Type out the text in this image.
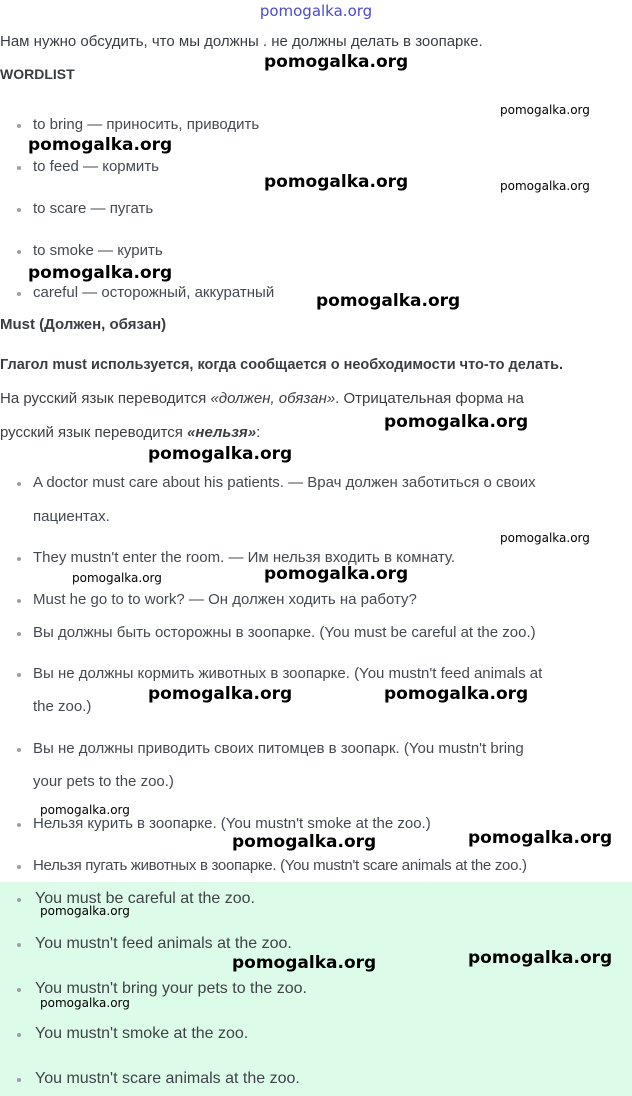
pomogalka.org
Нам нужно обсудить, что мы должны . не должны делать в зоопарке.
WORDLIST
to bring — приносить, приводить
to feed — кормить
to scare — пугать
to smoke — курить
careful — осторожный, аккуратный
Must (Должен, обязан)
Глагол must используется, когда сообщается о необходимости что-то делать.
На русский язык переводится «должен, обязан». Отрицательная форма на
русский язык переводится «нельзя»:
A doctor must care about his patients. — Врач должен заботиться о своих
пациентах.
They mustn't enter the room. — Им нельзя входить в комнату.
Must he go to to work? — Он должен ходить на работу?
Вы должны быть осторожны в зоопарке. (You must be careful at the zoo.)
Вы не должны кормить животных в зоопарке. (You mustn't feed animals at
the zoo.)
Вы не должны приводить своих питомцев в зоопарк. (You mustn't bring
your pets to the zoo.)
Нельзя курить в зоопарке. (You mustn't smoke at the zoo.)
Нельзя пугать животных в зоопарке. (You mustn't scare animals at the zoo.)
You must be careful at the zoo.
You mustn't feed animals at the zoo.
You mustn't bring your pets to the zoo.
You mustn't smoke at the zoo.
You mustn't scare animals at the zoo.
pomogalka.org
pomogalka.org
pomogalka.org
pomogalka.org	pomogalka.org
pomogalka.org
pomogalka.org
pomogalka.org
pomogalka.org
pomogalka.org
pomogalka.org
pomogalka.org
pomogalka.org	pomogalka.org
pomogalka.org
pomogalka.org	pomogalka.org
pomogalka.org
pomogalka.org	pomogalka.org
pomogalka.org
